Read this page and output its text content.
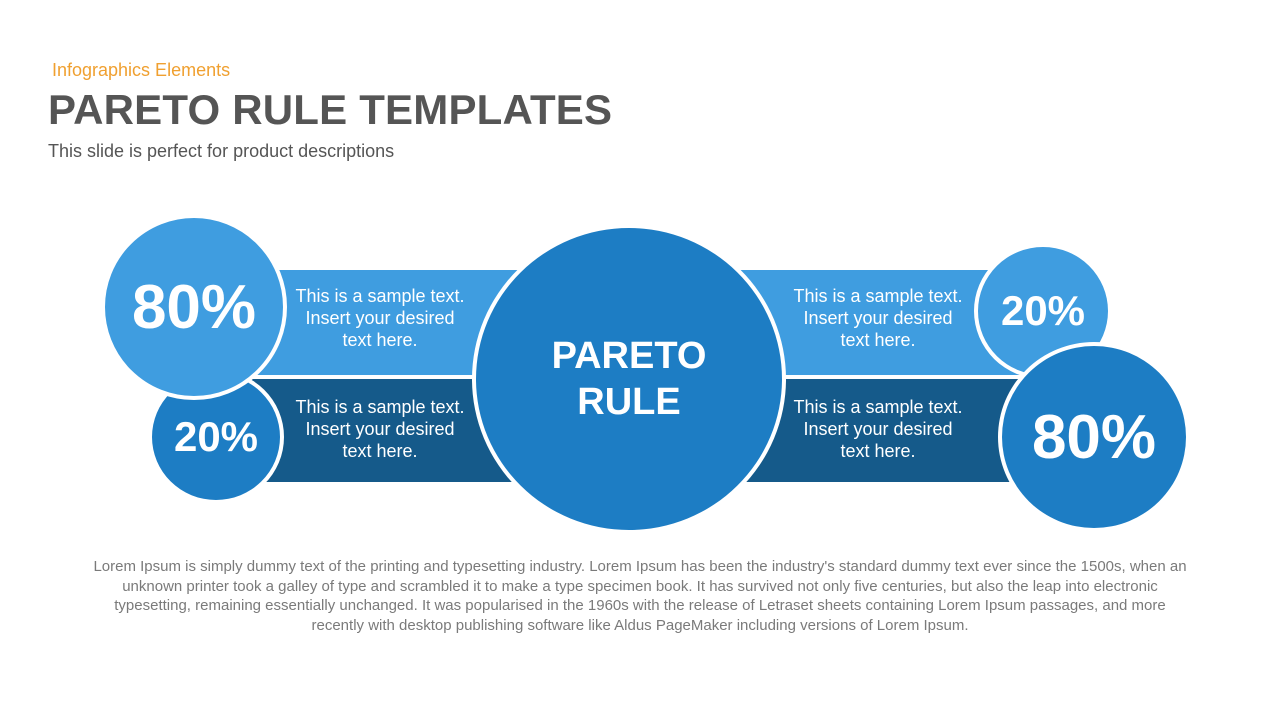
Infographics Elements
PARETO RULE TEMPLATES
This slide is perfect for product descriptions
This is a sample text. Insert your desired text here.
This is a sample text. Insert your desired text here.
This is a sample text. Insert your desired text here.
This is a sample text. Insert your desired text here.
20%
80%	20%
80%
PARETO RULE
Lorem Ipsum is simply dummy text of the printing and typesetting industry. Lorem Ipsum has been the industry's standard dummy text ever since the 1500s, when an unknown printer took a galley of type and scrambled it to make a type specimen book. It has survived not only five centuries, but also the leap into electronic typesetting, remaining essentially unchanged. It was popularised in the 1960s with the release of Letraset sheets containing Lorem Ipsum passages, and more recently with desktop publishing software like Aldus PageMaker including versions of Lorem Ipsum.
